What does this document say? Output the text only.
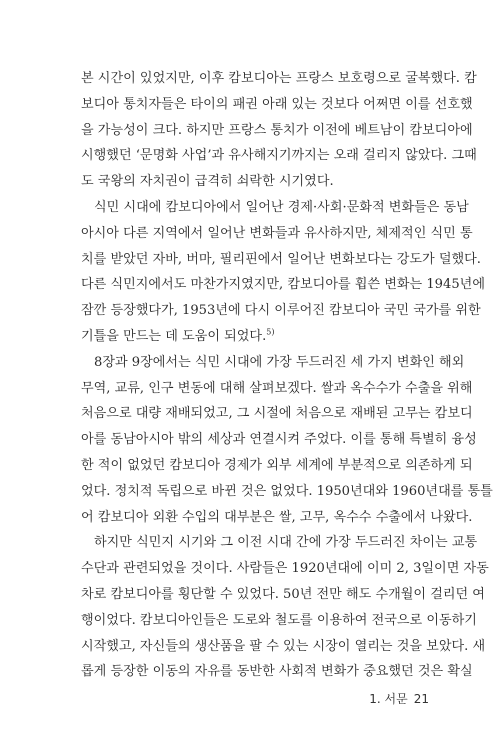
본 시간이 있었지만, 이후 캄보디아는 프랑스 보호령으로 굴복했다. 캄
보디아 통치자들은 타이의 패권 아래 있는 것보다 어쩌면 이를 선호했
을 가능성이 크다. 하지만 프랑스 통치가 이전에 베트남이 캄보디아에
시행했던 ‘문명화 사업’과 유사해지기까지는 오래 걸리지 않았다. 그때
도 국왕의 자치권이 급격히 쇠락한 시기였다.
식민 시대에 캄보디아에서 일어난 경제·사회·문화적 변화들은 동남
아시아 다른 지역에서 일어난 변화들과 유사하지만, 체제적인 식민 통
치를 받았던 자바, 버마, 필리핀에서 일어난 변화보다는 강도가 덜했다.
다른 식민지에서도 마찬가지였지만, 캄보디아를 휩쓴 변화는 1945년에
잠깐 등장했다가, 1953년에 다시 이루어진 캄보디아 국민 국가를 위한
기틀을 만드는 데 도움이 되었다.$^{5)}$
8장과 9장에서는 식민 시대에 가장 두드러진 세 가지 변화인 해외
무역, 교류, 인구 변동에 대해 살펴보겠다. 쌀과 옥수수가 수출을 위해
처음으로 대량 재배되었고, 그 시절에 처음으로 재배된 고무는 캄보디
아를 동남아시아 밖의 세상과 연결시켜 주었다. 이를 통해 특별히 융성
한 적이 없었던 캄보디아 경제가 외부 세계에 부분적으로 의존하게 되
었다. 정치적 독립으로 바뀐 것은 없었다. 1950년대와 1960년대를 통틀
어 캄보디아 외환 수입의 대부분은 쌀, 고무, 옥수수 수출에서 나왔다.
하지만 식민지 시기와 그 이전 시대 간에 가장 두드러진 차이는 교통
수단과 관련되었을 것이다. 사람들은 1920년대에 이미 2, 3일이면 자동
차로 캄보디아를 횡단할 수 있었다. 50년 전만 해도 수개월이 걸리던 여
행이었다. 캄보디아인들은 도로와 철도를 이용하여 전국으로 이동하기
시작했고, 자신들의 생산품을 팔 수 있는 시장이 열리는 것을 보았다. 새
롭게 등장한 이동의 자유를 동반한 사회적 변화가 중요했던 것은 확실
1. 서문 21
